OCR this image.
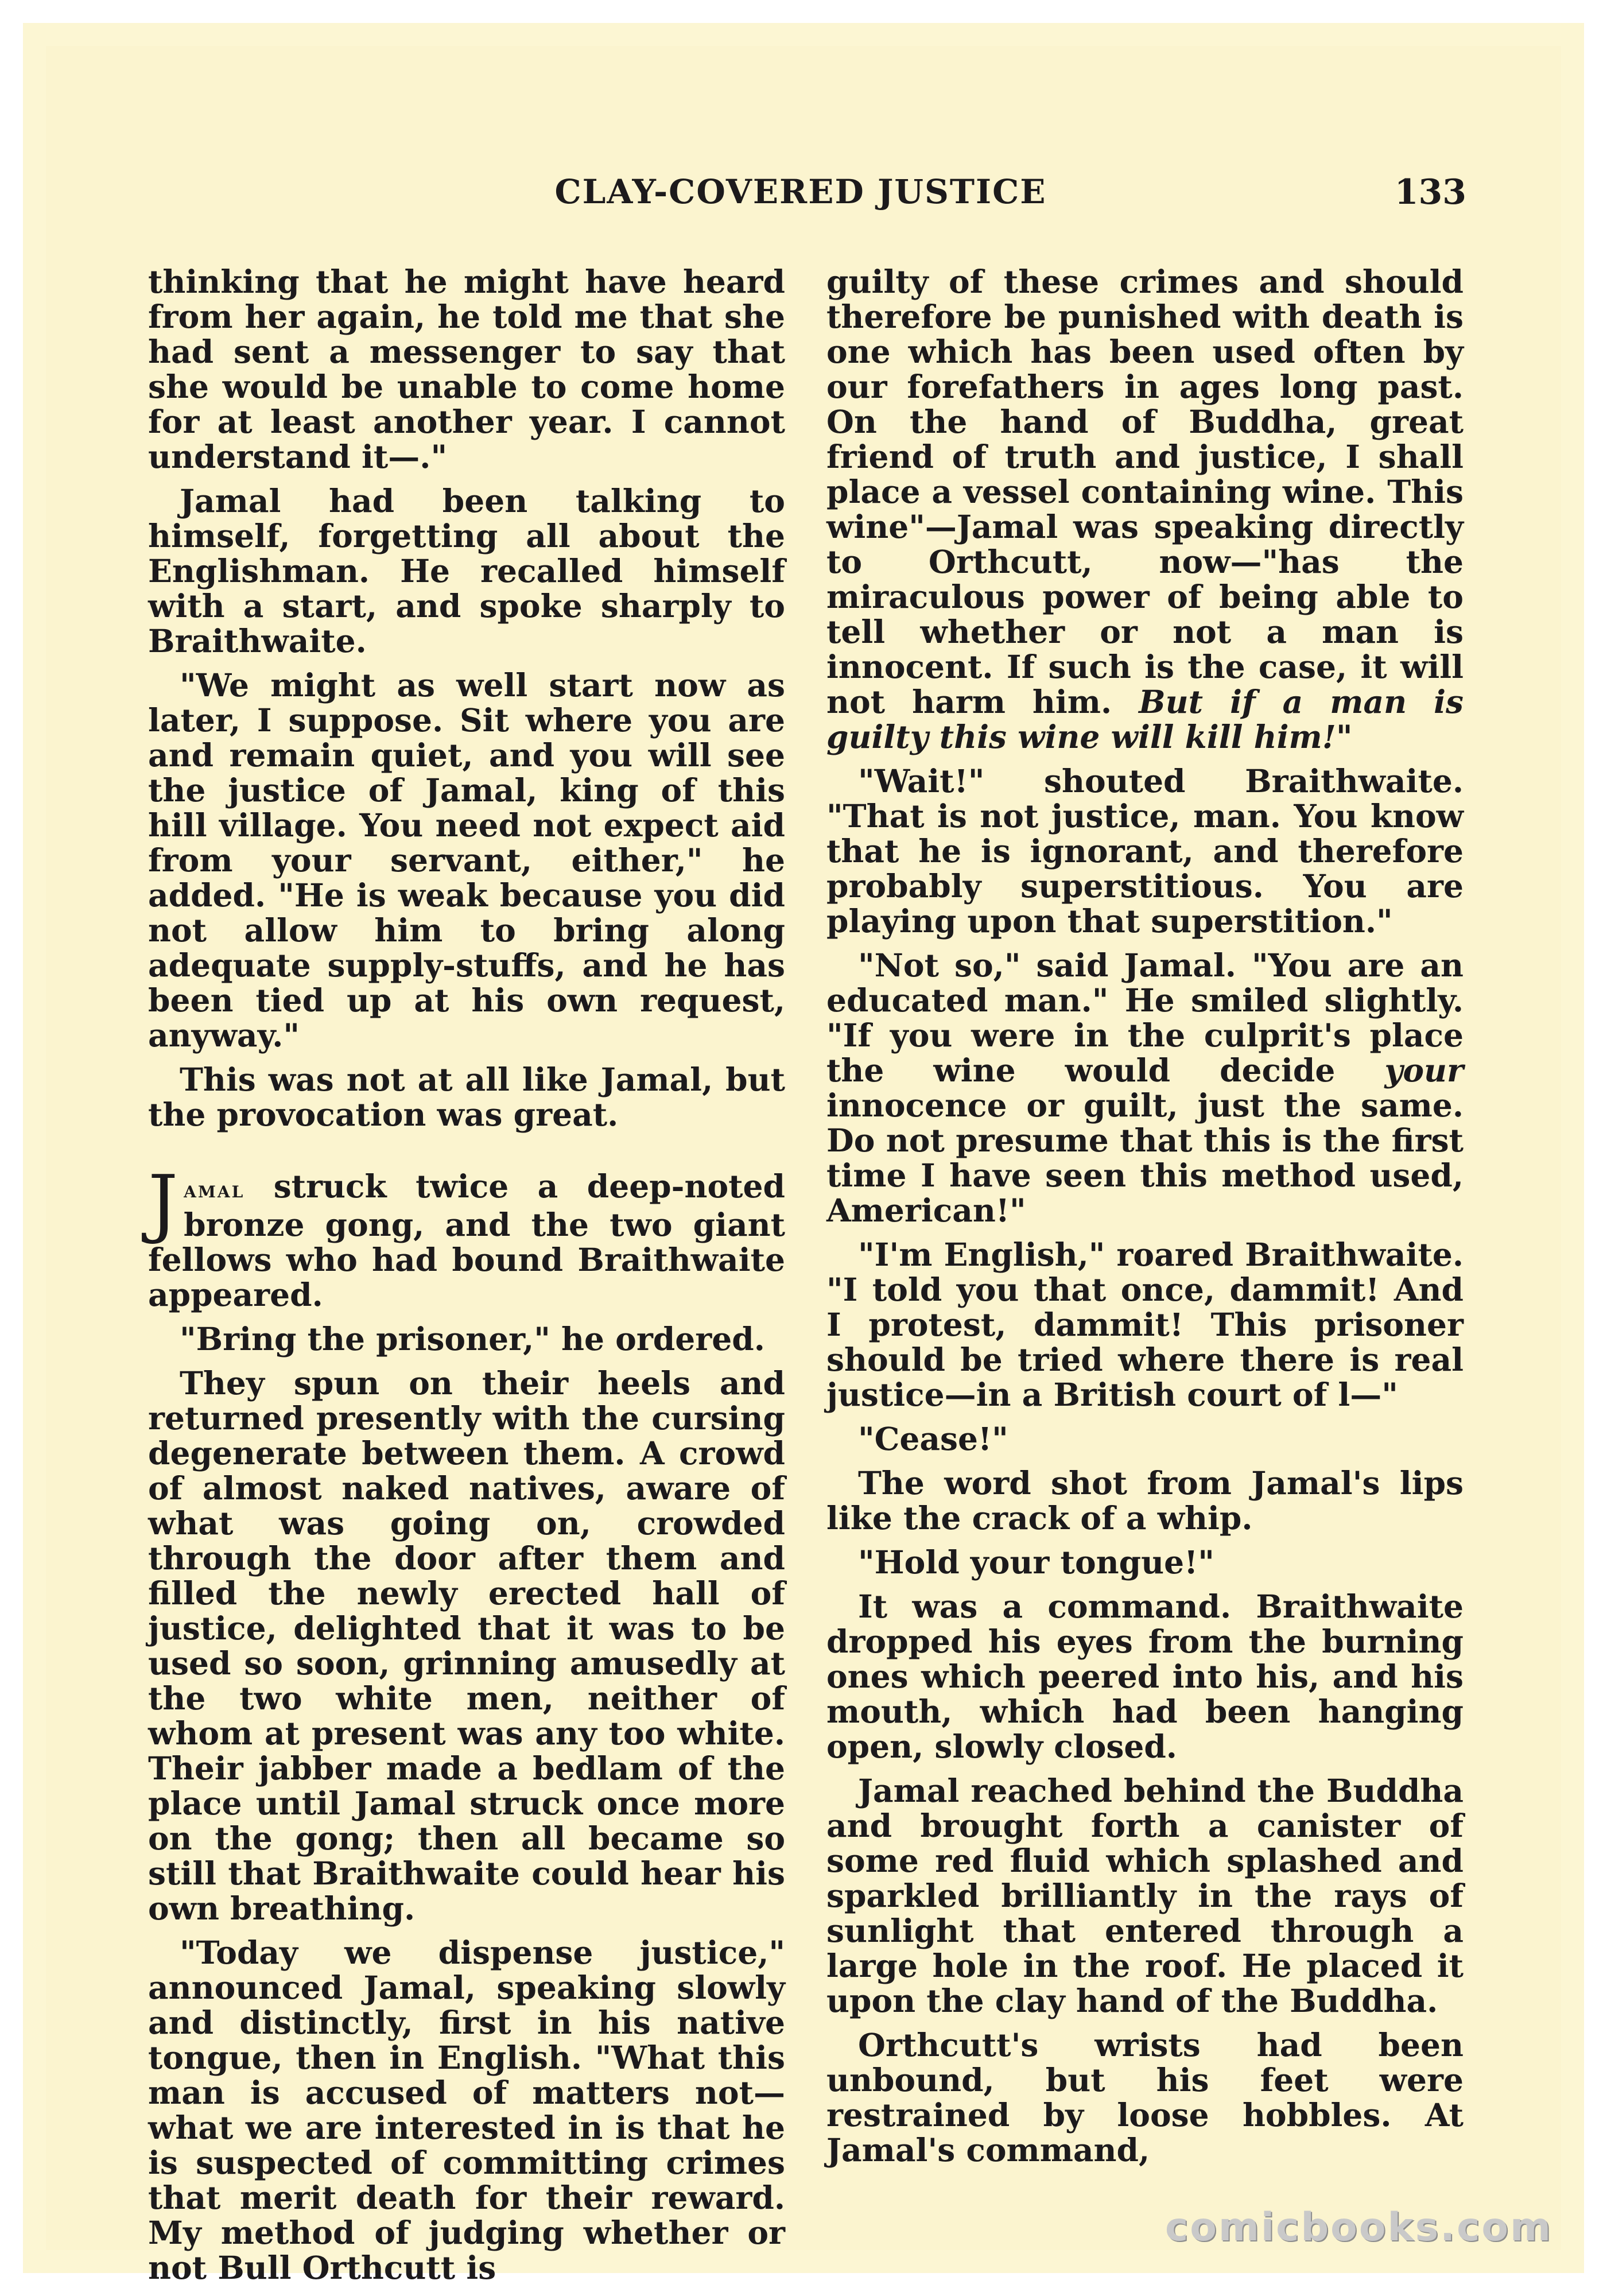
CLAY-COVERED JUSTICE	133

thinking that he might have heard from her again, he told me that she had sent a messenger to say that she would be unable to come home for at least another year. I cannot understand it—."

Jamal had been talking to himself, forgetting all about the Englishman. He recalled himself with a start, and spoke sharply to Braithwaite.

"We might as well start now as later, I suppose. Sit where you are and remain quiet, and you will see the justice of Jamal, king of this hill village. You need not expect aid from your servant, either," he added. "He is weak because you did not allow him to bring along adequate supply-stuffs, and he has been tied up at his own request, anyway."

This was not at all like Jamal, but the provocation was great.

Jamal struck twice a deep-noted bronze gong, and the two giant fellows who had bound Braithwaite appeared.

"Bring the prisoner," he ordered.

They spun on their heels and returned presently with the cursing degenerate between them. A crowd of almost naked natives, aware of what was going on, crowded through the door after them and filled the newly erected hall of justice, delighted that it was to be used so soon, grinning amusedly at the two white men, neither of whom at present was any too white. Their jabber made a bedlam of the place until Jamal struck once more on the gong; then all became so still that Braithwaite could hear his own breathing.

"Today we dispense justice," announced Jamal, speaking slowly and distinctly, first in his native tongue, then in English. "What this man is accused of matters not—what we are interested in is that he is suspected of committing crimes that merit death for their reward. My method of judging whether or not Bull Orthcutt is

guilty of these crimes and should therefore be punished with death is one which has been used often by our forefathers in ages long past. On the hand of Buddha, great friend of truth and justice, I shall place a vessel containing wine. This wine"—Jamal was speaking directly to Orthcutt, now—"has the miraculous power of being able to tell whether or not a man is innocent. If such is the case, it will not harm him. But if a man is guilty this wine will kill him!"

"Wait!" shouted Braithwaite. "That is not justice, man. You know that he is ignorant, and therefore probably superstitious. You are playing upon that superstition."

"Not so," said Jamal. "You are an educated man." He smiled slightly. "If you were in the culprit's place the wine would decide your innocence or guilt, just the same. Do not presume that this is the first time I have seen this method used, American!"

"I'm English," roared Braithwaite. "I told you that once, dammit! And I protest, dammit! This prisoner should be tried where there is real justice—in a British court of l—"

"Cease!"

The word shot from Jamal's lips like the crack of a whip.

"Hold your tongue!"

It was a command. Braithwaite dropped his eyes from the burning ones which peered into his, and his mouth, which had been hanging open, slowly closed.

Jamal reached behind the Buddha and brought forth a canister of some red fluid which splashed and sparkled brilliantly in the rays of sunlight that entered through a large hole in the roof. He placed it upon the clay hand of the Buddha.

Orthcutt's wrists had been unbound, but his feet were restrained by loose hobbles. At Jamal's command,

comicbooks.com
